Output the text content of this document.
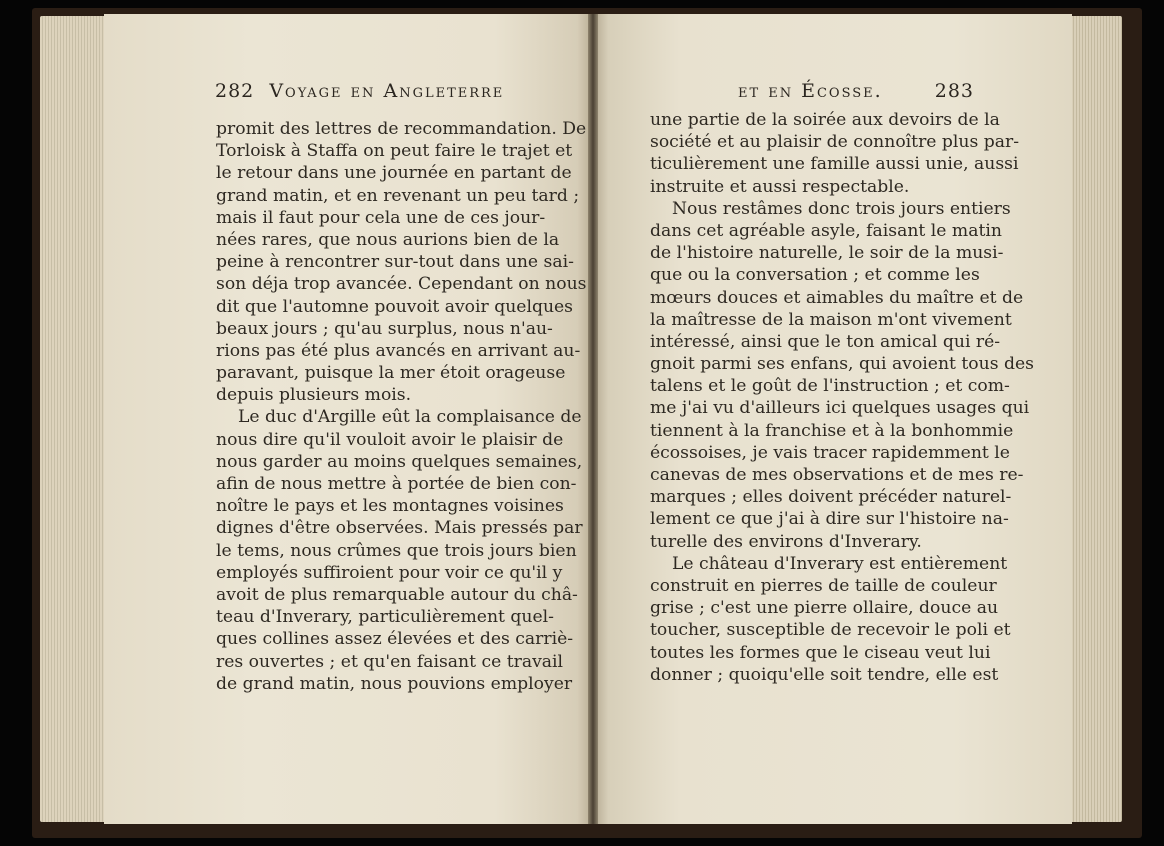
282 Voyage en Angleterre	et en Écosse.	283
promit des lettres de recommandation. De
Torloisk à Staffa on peut faire le trajet et
le retour dans une journée en partant de
grand matin, et en revenant un peu tard ;
mais il faut pour cela une de ces jour-
nées rares, que nous aurions bien de la
peine à rencontrer sur-tout dans une sai-
son déja trop avancée. Cependant on nous
dit que l'automne pouvoit avoir quelques
beaux jours ; qu'au surplus, nous n'au-
rions pas été plus avancés en arrivant au-
paravant, puisque la mer étoit orageuse
depuis plusieurs mois.
Le duc d'Argille eût la complaisance de
nous dire qu'il vouloit avoir le plaisir de
nous garder au moins quelques semaines,
afin de nous mettre à portée de bien con-
noître le pays et les montagnes voisines
dignes d'être observées. Mais pressés par
le tems, nous crûmes que trois jours bien
employés suffiroient pour voir ce qu'il y
avoit de plus remarquable autour du châ-
teau d'Inverary, particulièrement quel-
ques collines assez élevées et des carriè-
res ouvertes ; et qu'en faisant ce travail
de grand matin, nous pouvions employer
une partie de la soirée aux devoirs de la
société et au plaisir de connoître plus par-
ticulièrement une famille aussi unie, aussi
instruite et aussi respectable.
Nous restâmes donc trois jours entiers
dans cet agréable asyle, faisant le matin
de l'histoire naturelle, le soir de la musi-
que ou la conversation ; et comme les
mœurs douces et aimables du maître et de
la maîtresse de la maison m'ont vivement
intéressé, ainsi que le ton amical qui ré-
gnoit parmi ses enfans, qui avoient tous des
talens et le goût de l'instruction ; et com-
me j'ai vu d'ailleurs ici quelques usages qui
tiennent à la franchise et à la bonhommie
écossoises, je vais tracer rapidemment le
canevas de mes observations et de mes re-
marques ; elles doivent précéder naturel-
lement ce que j'ai à dire sur l'histoire na-
turelle des environs d'Inverary.
Le château d'Inverary est entièrement
construit en pierres de taille de couleur
grise ; c'est une pierre ollaire, douce au
toucher, susceptible de recevoir le poli et
toutes les formes que le ciseau veut lui
donner ; quoiqu'elle soit tendre, elle est
